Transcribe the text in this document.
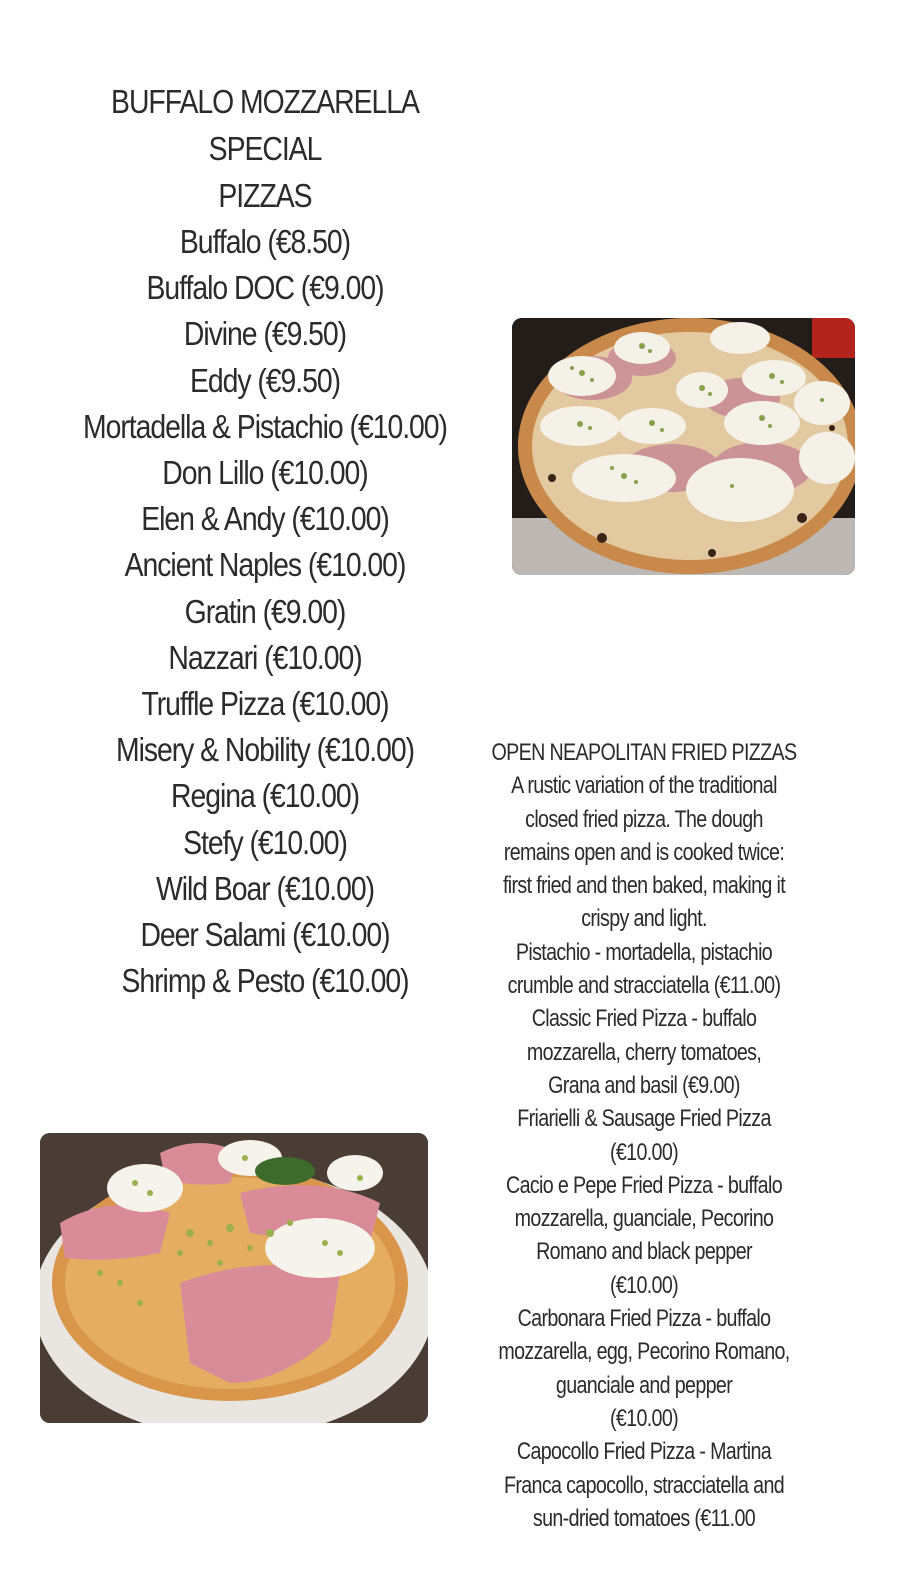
BUFFALO MOZZARELLA SPECIAL
PIZZAS
Buffalo (€8.50)
Buffalo DOC (€9.00)
Divine (€9.50)
Eddy (€9.50)
Mortadella & Pistachio (€10.00)
Don Lillo (€10.00)
Elen & Andy (€10.00)
Ancient Naples (€10.00)
Gratin (€9.00)
Nazzari (€10.00)
Truffle Pizza (€10.00)
Misery & Nobility (€10.00)
Regina (€10.00)
Stefy (€10.00)
Wild Boar (€10.00)
Deer Salami (€10.00)
Shrimp & Pesto (€10.00)
OPEN NEAPOLITAN FRIED PIZZAS

A rustic variation of the traditional

closed fried pizza. The dough

remains open and is cooked twice:

first fried and then baked, making it

crispy and light.

Pistachio - mortadella, pistachio

crumble and stracciatella (€11.00)

Classic Fried Pizza - buffalo

mozzarella, cherry tomatoes,

Grana and basil (€9.00)

Friarielli & Sausage Fried Pizza

(€10.00)

Cacio e Pepe Fried Pizza - buffalo

mozzarella, guanciale, Pecorino

Romano and black pepper

(€10.00)

Carbonara Fried Pizza - buffalo

mozzarella, egg, Pecorino Romano,

guanciale and pepper

(€10.00)

Capocollo Fried Pizza - Martina

Franca capocollo, stracciatella and

sun-dried tomatoes (€11.00
